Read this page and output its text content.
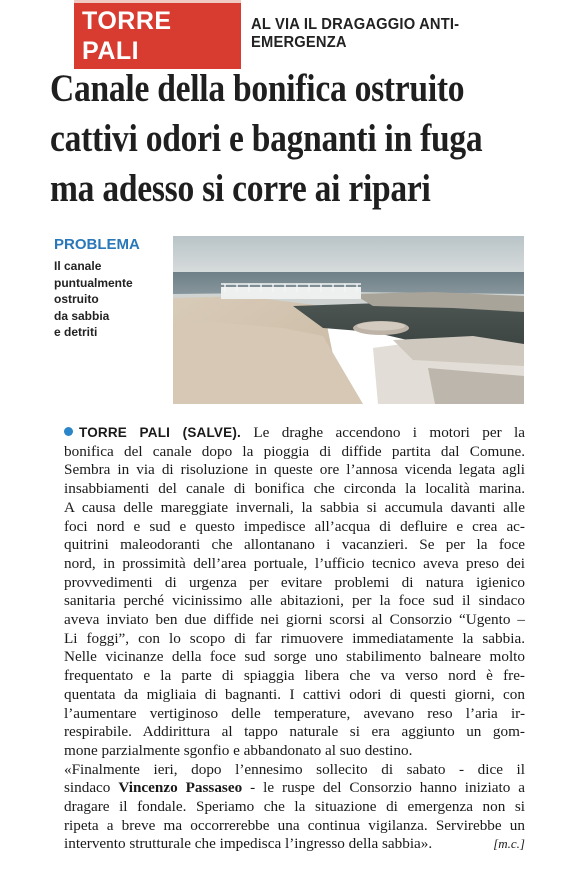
TORRE PALI
AL VIA IL DRAGAGGIO ANTI-EMERGENZA
Canale della bonifica ostruito
cattivi odori e bagnanti in fuga
ma adesso si corre ai ripari
PROBLEMA
Il canale
puntualmente
ostruito
da sabbia
e detriti
TORRE PALI (SALVE). Le draghe accendono i motori per la
bonifica del canale dopo la pioggia di diffide partita dal Comune.
Sembra in via di risoluzione in queste ore l’annosa vicenda legata agli
insabbiamenti del canale di bonifica che circonda la località marina.
A causa delle mareggiate invernali, la sabbia si accumula davanti alle
foci nord e sud e questo impedisce all’acqua di defluire e crea ac-
quitrini maleodoranti che allontanano i vacanzieri. Se per la foce
nord, in prossimità dell’area portuale, l’ufficio tecnico aveva preso dei
provvedimenti di urgenza per evitare problemi di natura igienico
sanitaria perché vicinissimo alle abitazioni, per la foce sud il sindaco
aveva inviato ben due diffide nei giorni scorsi al Consorzio “Ugento –
Li foggi”, con lo scopo di far rimuovere immediatamente la sabbia.
Nelle vicinanze della foce sud sorge uno stabilimento balneare molto
frequentato e la parte di spiaggia libera che va verso nord è fre-
quentata da migliaia di bagnanti. I cattivi odori di questi giorni, con
l’aumentare vertiginoso delle temperature, avevano reso l’aria ir-
respirabile. Addirittura al tappo naturale si era aggiunto un gom-
mone parzialmente sgonfio e abbandonato al suo destino.
«Finalmente ieri, dopo l’ennesimo sollecito di sabato - dice il
sindaco Vincenzo Passaseo - le ruspe del Consorzio hanno iniziato a
dragare il fondale. Speriamo che la situazione di emergenza non si
ripeta a breve ma occorrerebbe una continua vigilanza. Servirebbe un
intervento strutturale che impedisca l’ingresso della sabbia».	[m.c.]
